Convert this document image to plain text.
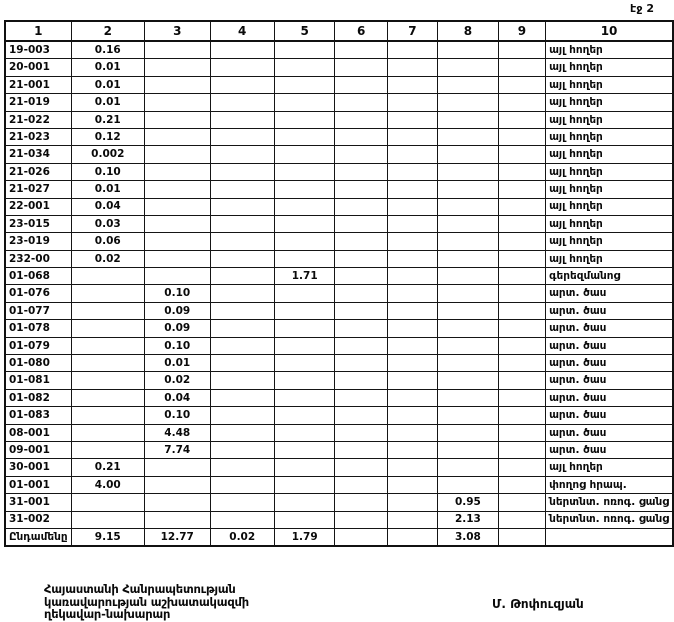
էջ 2
1	2	3	4	5	6	7	8	9	10
19-003	0.16								այլ հողեր
20-001	0.01								այլ հողեր
21-001	0.01								այլ հողեր
21-019	0.01								այլ հողեր
21-022	0.21								այլ հողեր
21-023	0.12								այլ հողեր
21-034	0.002								այլ հողեր
21-026	0.10								այլ հողեր
21-027	0.01								այլ հողեր
22-001	0.04								այլ հողեր
23-015	0.03								այլ հողեր
23-019	0.06								այլ հողեր
232-00	0.02								այլ հողեր
01-068				1.71					գերեզմանոց
01-076		0.10							արտ. ծաս
01-077		0.09							արտ. ծաս
01-078		0.09							արտ. ծաս
01-079		0.10							արտ. ծաս
01-080		0.01							արտ. ծաս
01-081		0.02							արտ. ծաս
01-082		0.04							արտ. ծաս
01-083		0.10							արտ. ծաս
08-001		4.48							արտ. ծաս
09-001		7.74							արտ. ծաս
30-001	0.21								այլ հողեր
01-001	4.00								փողոց հրապ.
31-001							0.95		ներտնտ. ոռոգ. ցանց
31-002							2.13		ներտնտ. ոռոգ. ցանց
Ընդամենը	9.15	12.77	0.02	1.79			3.08		
Հայաստանի Հանրապետության
կառավարության աշխատակազմի
ղեկավար-նախարար
Մ. Թոփուզյան
